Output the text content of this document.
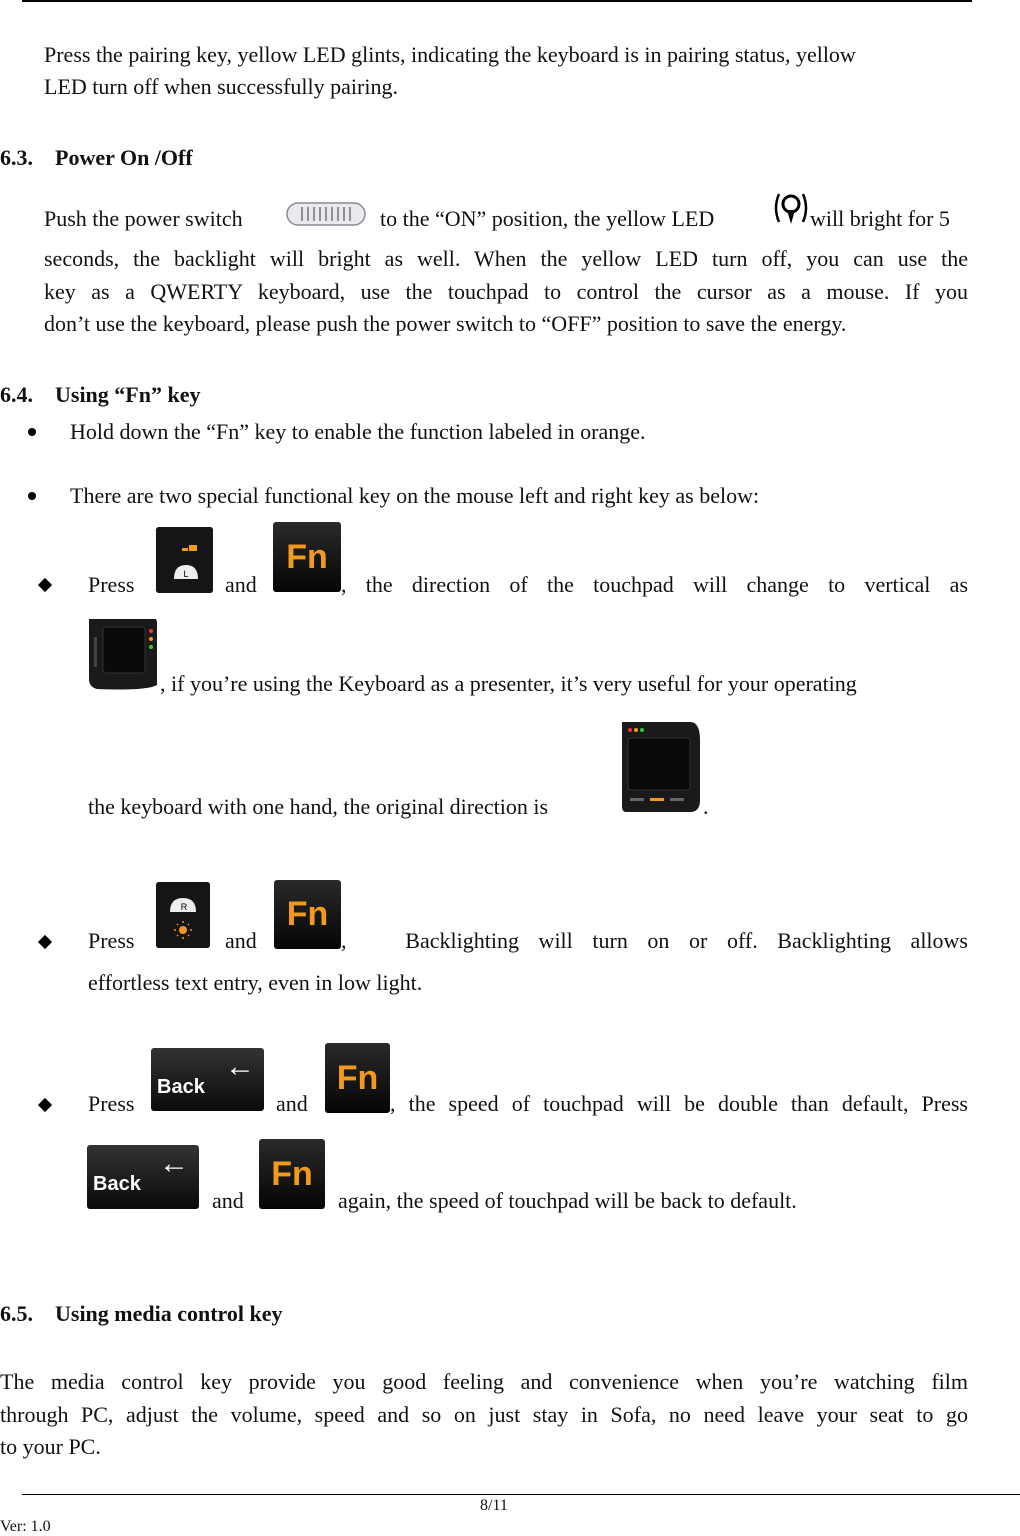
Press the pairing key, yellow LED glints, indicating the keyboard is in pairing status, yellow
LED turn off when successfully pairing.
6.3.    Power On /Off
Push the power switch	to the “ON” position, the yellow LED	will bright for 5
seconds, the backlight will bright as well. When the yellow LED turn off, you can use the
key as a QWERTY keyboard, use the touchpad to control the cursor as a mouse. If you
don’t use the keyboard, please push the power switch to “OFF” position to save the energy.
6.4.    Using “Fn” key
Hold down the “Fn” key to enable the function labeled in orange.
There are two special functional key on the mouse left and right key as below:
Press	L and
Fn
, the direction of the touchpad will change to vertical as
, if you’re using the Keyboard as a presenter, it’s very useful for your operating
the keyboard with one hand, the original direction is	.
Press
R
and
Fn
,   Backlighting will turn on or off. Backlighting allows
effortless text entry, even in low light.
Press
Back
←
and
Fn
, the speed of touchpad will be double than default, Press
Back
←
and
Fn
again, the speed of touchpad will be back to default.
6.5.    Using media control key
The media control key provide you good feeling and convenience when you’re watching film
through PC, adjust the volume, speed and so on just stay in Sofa, no need leave your seat to go
to your PC.
8/11
Ver: 1.0
